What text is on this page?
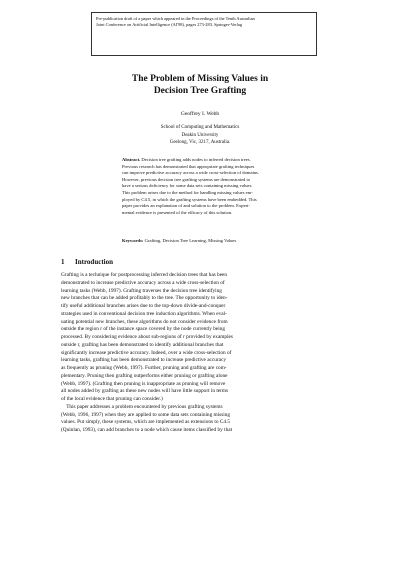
Pre-publication draft of a paper which appeared in the Proceedings of the Tenth Australian

Joint Conference on Artificial Intelligence (AI'98), pages 273-283. Springer-Verlag

The Problem of Missing Values in

Decision Tree Grafting

Geoffrey I. Webb

School of Computing and Mathematics

Deakin University

Geelong, Vic, 3217, Australia.

Abstract. Decision tree grafting adds nodes to inferred decision trees.

Previous research has demonstrated that appropriate grafting techniques

can improve predictive accuracy across a wide cross-selection of domains.

However, previous decision tree grafting systems are demonstrated to

have a serious deficiency for some data sets containing missing values.

This problem arises due to the method for handling missing values em-

ployed by C4.5, in which the grafting systems have been embedded. This

paper provides an explanation of and solution to the problem. Experi-

mental evidence is presented of the efficacy of this solution.

Keywords: Grafting, Decision Tree Learning, Missing Values
1 Introduction

Grafting is a technique for postprocessing inferred decision trees that has been

demonstrated to increase predictive accuracy across a wide cross-selection of

learning tasks (Webb, 1997). Grafting traverses the decision tree identifying

new branches that can be added profitably to the tree. The opportunity to iden-

tify useful additional branches arises due to the top-down divide-and-conquer

strategies used in conventional decision tree induction algorithms. When eval-

uating potential new branches, these algorithms do not consider evidence from

outside the region r of the instance space covered by the node currently being

processed. By considering evidence about sub-regions of r provided by examples

outside r, grafting has been demonstrated to identify additional branches that

significantly increase predictive accuracy. Indeed, over a wide cross-selection of

learning tasks, grafting has been demonstrated to increase predictive accuracy

as frequently as pruning (Webb, 1997). Further, pruning and grafting are com-

plementary. Pruning then grafting outperforms either pruning or grafting alone

(Webb, 1997). (Grafting then pruning is inappropriate as pruning will remove

all nodes added by grafting as these new nodes will have little support in terms

of the local evidence that pruning can consider.)

This paper addresses a problem encountered by previous grafting systems

(Webb, 1996, 1997) when they are applied to some data sets containing missing

values. Put simply, these systems, which are implemented as extensions to C4.5

(Quinlan, 1993), can add branches to a node which cause items classified by that
